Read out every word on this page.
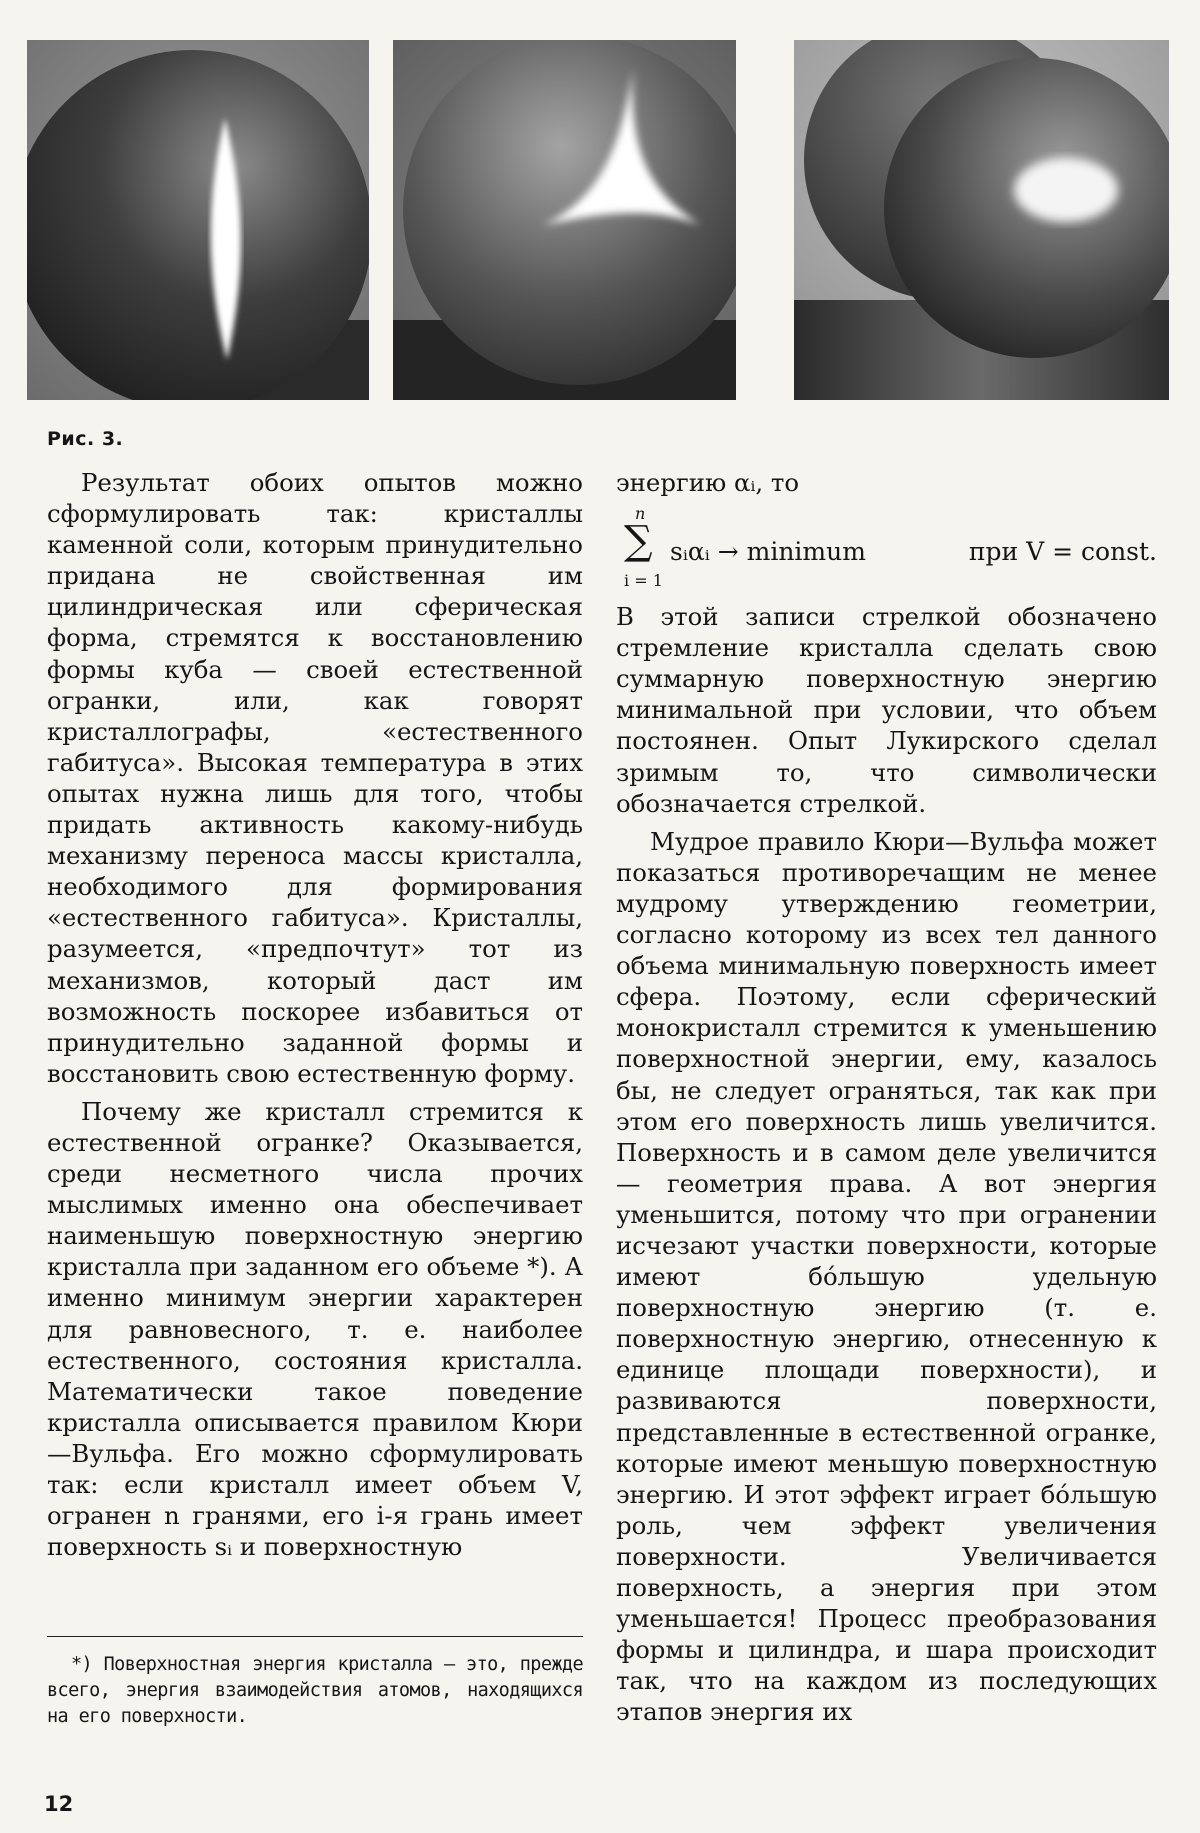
Рис. 3.

Результат обоих опытов можно сформулировать так: кристаллы каменной соли, которым принудительно придана не свойственная им цилиндрическая или сферическая форма, стремятся к восстановлению формы куба — своей естественной огранки, или, как говорят кристаллографы, «естественного габитуса». Высокая температура в этих опытах нужна лишь для того, чтобы придать активность какому-нибудь механизму переноса массы кристалла, необходимого для формирования «естественного габитуса». Кристаллы, разумеется, «предпочтут» тот из механизмов, который даст им возможность поскорее избавиться от принудительно заданной формы и восстановить свою естественную форму.

Почему же кристалл стремится к естественной огранке? Оказывается, среди несметного числа прочих мыслимых именно она обеспечивает наименьшую поверхностную энергию кристалла при заданном его объеме *). А именно минимум энергии характерен для равновесного, т. е. наиболее естественного, состояния кристалла. Математически такое поведение кристалла описывается правилом Кюри—Вульфа. Его можно сформулировать так: если кристалл имеет объем V, огранен n гранями, его i-я грань имеет поверхность sᵢ и поверхностную

энергию αᵢ, то

n
∑
i = 1
sᵢαᵢ → minimum	при V = const.

В этой записи стрелкой обозначено стремление кристалла сделать свою суммарную поверхностную энергию минимальной при условии, что объем постоянен. Опыт Лукирского сделал зримым то, что символически обозначается стрелкой.

Мудрое правило Кюри—Вульфа может показаться противоречащим не менее мудрому утверждению геометрии, согласно которому из всех тел данного объема минимальную поверхность имеет сфера. Поэтому, если сферический монокристалл стремится к уменьшению поверхностной энергии, ему, казалось бы, не следует ограняться, так как при этом его поверхность лишь увеличится. Поверхность и в самом деле увеличится — геометрия права. А вот энергия уменьшится, потому что при огранении исчезают участки поверхности, которые имеют бо́льшую удельную поверхностную энергию (т. е. поверхностную энергию, отнесенную к единице площади поверхности), и развиваются поверхности, представленные в естественной огранке, которые имеют меньшую поверхностную энергию. И этот эффект играет бо́льшую роль, чем эффект увеличения поверхности. Увеличивается поверхность, а энергия при этом уменьшается! Процесс преобразования формы и цилиндра, и шара происходит так, что на каждом из последующих этапов энергия их

*) Поверхностная энергия кристалла — это, прежде всего, энергия взаимодействия атомов, находящихся на его поверхности.

12
